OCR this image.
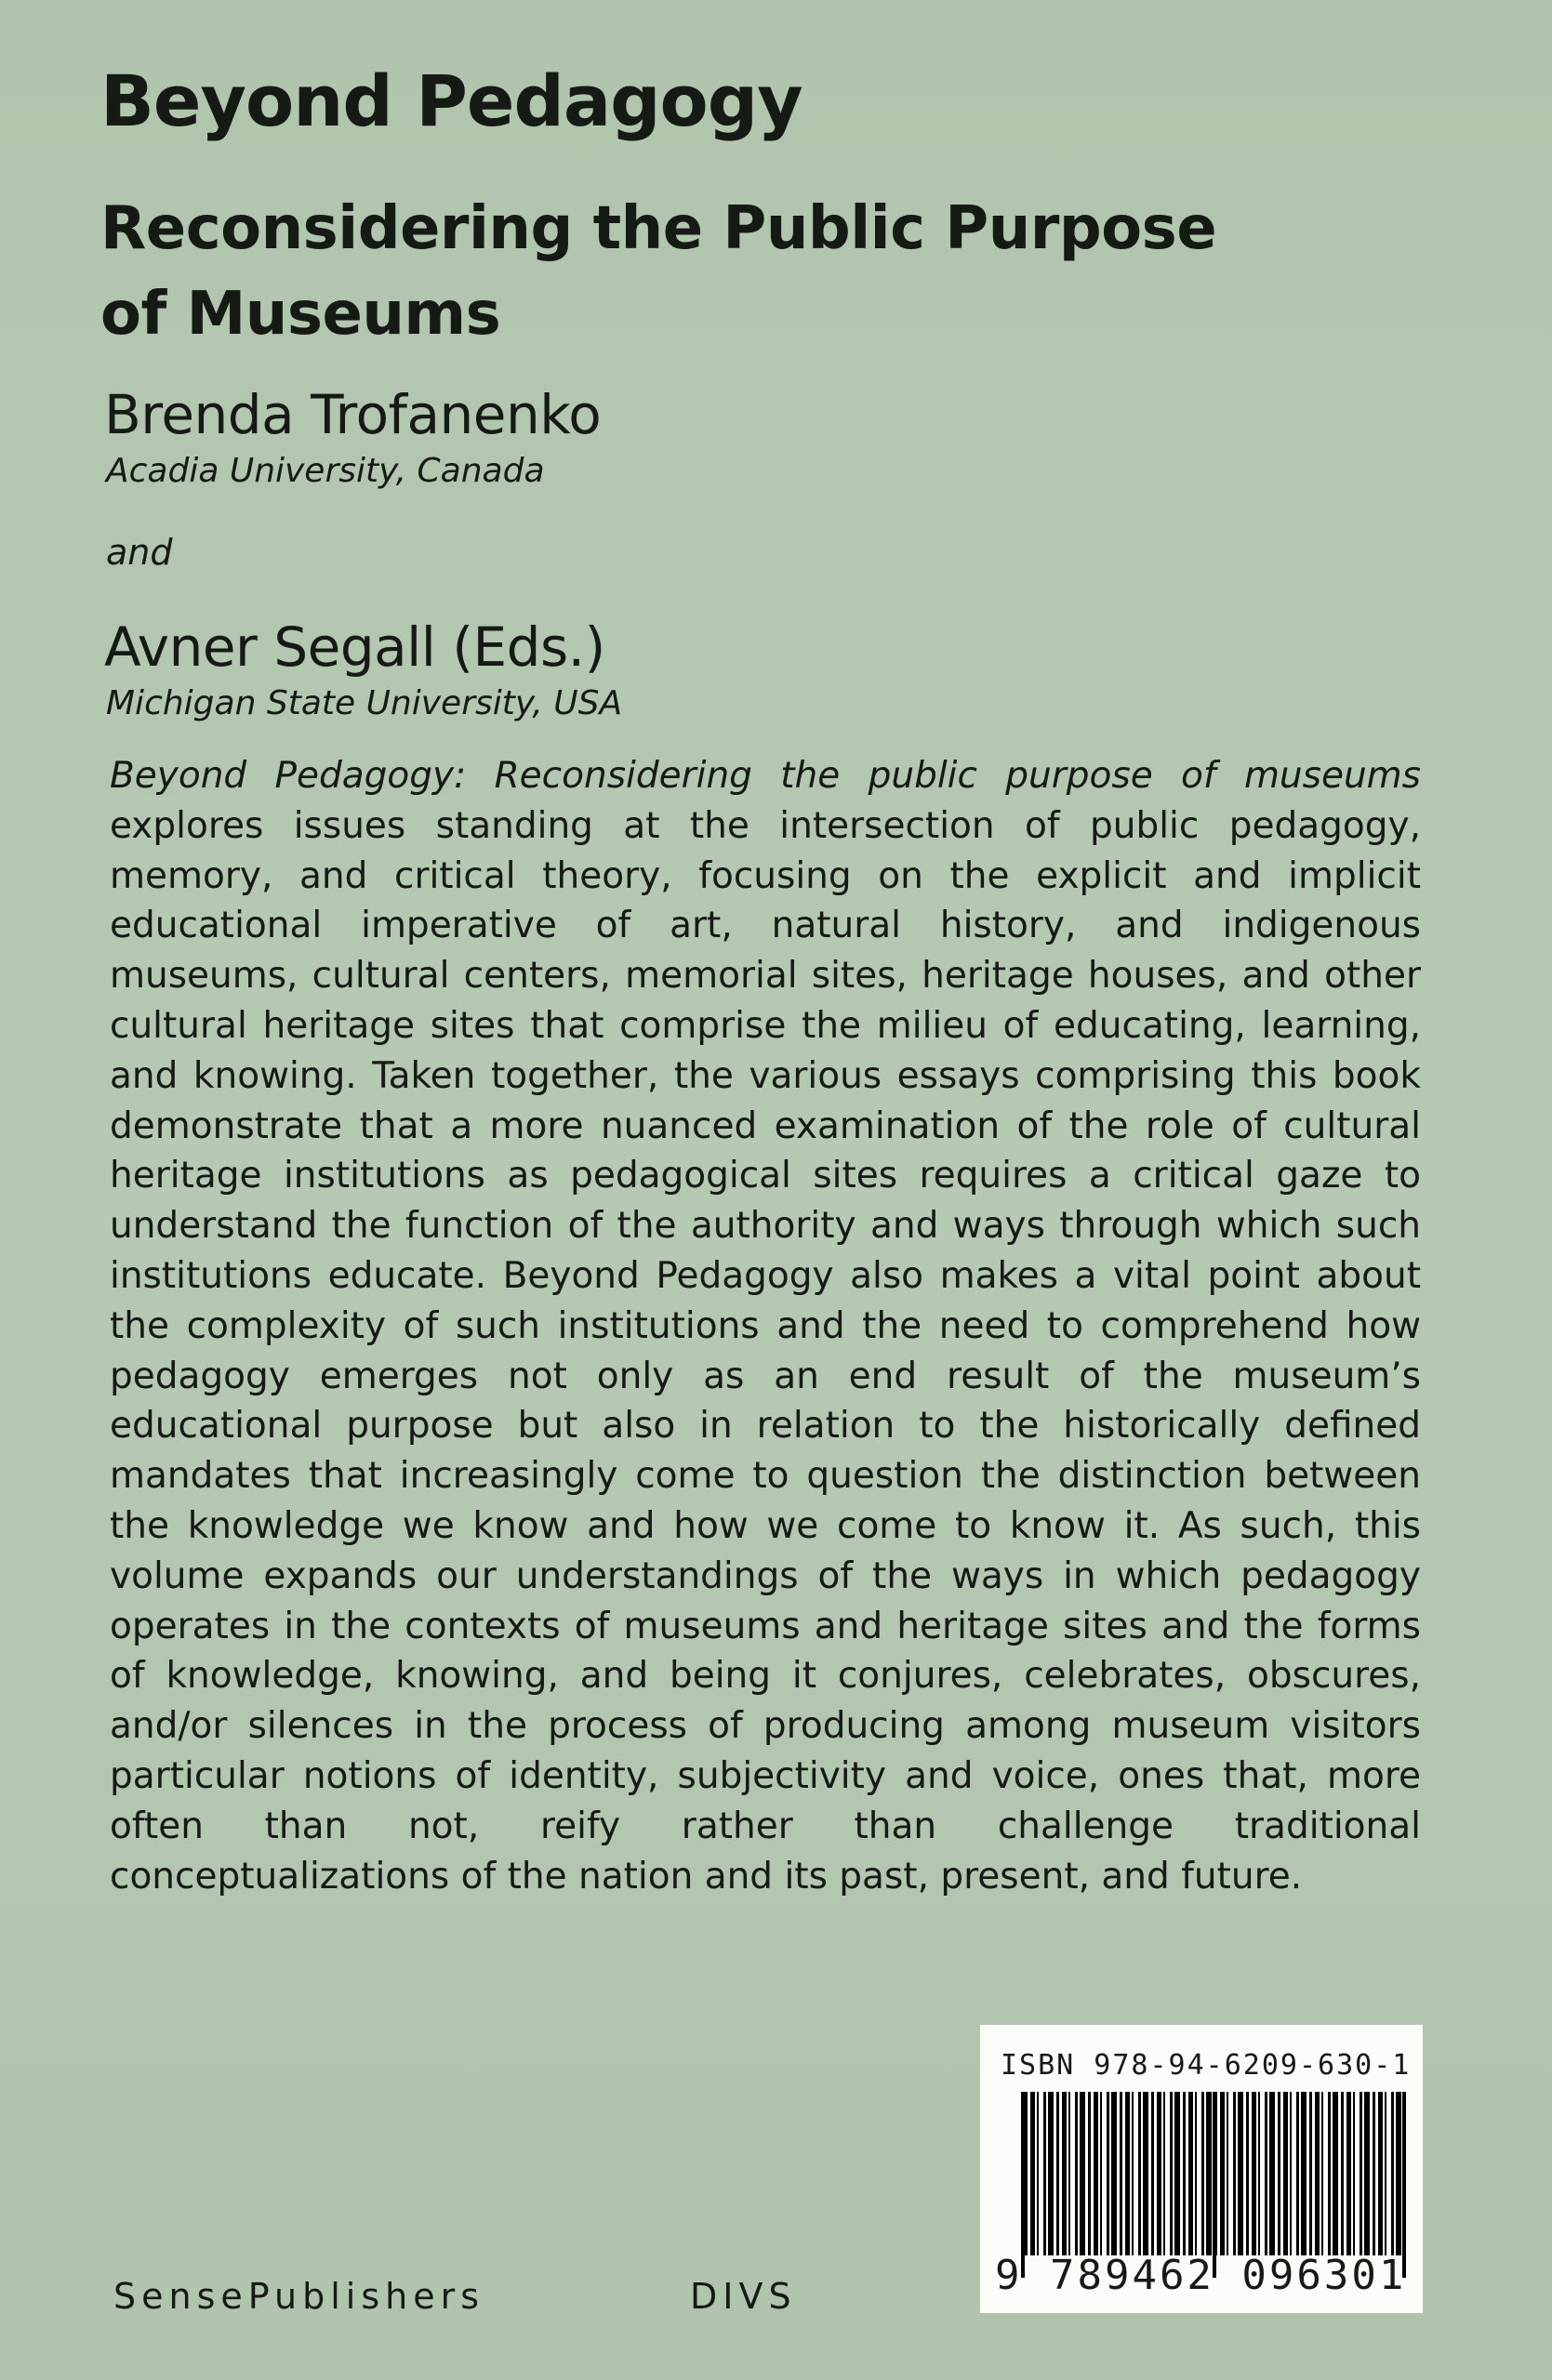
Beyond Pedagogy
Reconsidering the Public Purpose of Museums

Brenda Trofanenko

Acadia University, Canada

and

Avner Segall (Eds.)

Michigan State University, USA

Beyond Pedagogy: Reconsidering the public purpose of museums explores issues standing at the intersection of public pedagogy, memory, and critical theory, focusing on the explicit and implicit educational imperative of art, natural history, and indigenous museums, cultural centers, memorial sites, heritage houses, and other cultural heritage sites that comprise the milieu of educating, learning, and knowing. Taken together, the various essays comprising this book demonstrate that a more nuanced examination of the role of cultural heritage institutions as pedagogical sites requires a critical gaze to understand the function of the authority and ways through which such institutions educate. Beyond Pedagogy also makes a vital point about the complexity of such institutions and the need to comprehend how pedagogy emerges not only as an end result of the museum’s educational purpose but also in relation to the historically defined mandates that increasingly come to question the distinction between the knowledge we know and how we come to know it. As such, this volume expands our understandings of the ways in which pedagogy operates in the contexts of museums and heritage sites and the forms of knowledge, knowing, and being it conjures, celebrates, obscures, and/or silences in the process of producing among museum visitors particular notions of identity, subjectivity and voice, ones that, more often than not, reify rather than challenge traditional conceptualizations of the nation and its past, present, and future.

SensePublishers	DIVS

ISBN 978-94-6209-630-1

9 789462 096301
